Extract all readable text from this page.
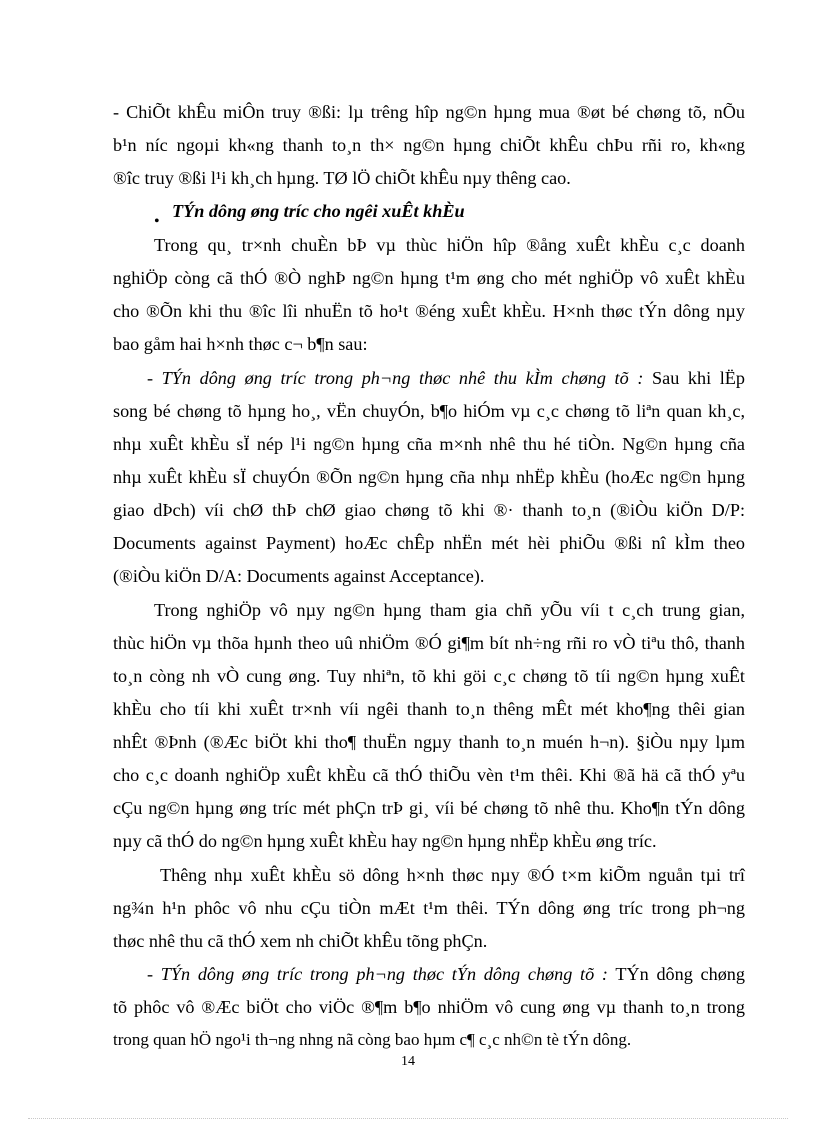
- ChiÕt khÊu miÔn truy ®ßi: lµ trêng hîp ng©n hµng mua ®øt bé chøng tõ, nÕu
b¹n níc ngoµi kh«ng thanh to¸n th× ng©n hµng chiÕt khÊu chÞu rñi ro, kh«ng
®îc truy ®ßi l¹i kh¸ch hµng. TØ lÖ chiÕt khÊu nµy thêng cao.
•
TÝn dông øng tríc cho ngêi xuÊt khÈu
Trong qu¸ tr×nh chuÈn bÞ vµ thùc hiÖn hîp ®ång xuÊt khÈu c¸c doanh
nghiÖp còng cã thÓ ®Ò nghÞ ng©n hµng t¹m øng cho mét nghiÖp vô xuÊt khÈu
cho ®Õn khi thu ®îc lîi nhuËn tõ ho¹t ®éng xuÊt khÈu. H×nh thøc tÝn dông nµy
bao gåm hai h×nh thøc c¬ b¶n sau:
- TÝn dông øng tríc trong ph¬ng thøc nhê thu kÌm chøng tõ : Sau khi lËp
song bé chøng tõ hµng ho¸, vËn chuyÓn, b¶o hiÓm vµ c¸c chøng tõ liªn quan kh¸c,
nhµ xuÊt khÈu sÏ nép l¹i ng©n hµng cña m×nh nhê thu hé tiÒn. Ng©n hµng cña
nhµ xuÊt khÈu sÏ chuyÓn ®Õn ng©n hµng cña nhµ nhËp khÈu (hoÆc ng©n hµng
giao dÞch) víi chØ thÞ chØ giao chøng tõ khi ®· thanh to¸n (®iÒu kiÖn D/P:
Documents against Payment) hoÆc chÊp nhËn mét hèi phiÕu ®ßi nî kÌm theo
(®iÒu kiÖn D/A: Documents against Acceptance).
Trong nghiÖp vô nµy ng©n hµng tham gia chñ yÕu víi t c¸ch trung gian,
thùc hiÖn vµ thõa hµnh theo uû nhiÖm ®Ó gi¶m bít nh÷ng rñi ro vÒ tiªu thô, thanh
to¸n còng nh vÒ cung øng. Tuy nhiªn, tõ khi göi c¸c chøng tõ tíi ng©n hµng xuÊt
khÈu cho tíi khi xuÊt tr×nh víi ngêi thanh to¸n thêng mÊt mét kho¶ng thêi gian
nhÊt ®Þnh (®Æc biÖt khi tho¶ thuËn ngµy thanh to¸n muén h¬n). §iÒu nµy lµm
cho c¸c doanh nghiÖp xuÊt khÈu cã thÓ thiÕu vèn t¹m thêi. Khi ®ã hä cã thÓ yªu
cÇu ng©n hµng øng tríc mét phÇn trÞ gi¸ víi bé chøng tõ nhê thu. Kho¶n tÝn dông
nµy cã thÓ do ng©n hµng xuÊt khÈu hay ng©n hµng nhËp khÈu øng tríc.
Thêng nhµ xuÊt khÈu sö dông h×nh thøc nµy ®Ó t×m kiÕm nguån tµi trî
ng¾n h¹n phôc vô nhu cÇu tiÒn mÆt t¹m thêi. TÝn dông øng tríc trong ph¬ng
thøc nhê thu cã thÓ xem nh chiÕt khÊu tõng phÇn.
- TÝn dông øng tríc trong ph¬ng thøc tÝn dông chøng tõ : TÝn dông chøng
tõ phôc vô ®Æc biÖt cho viÖc ®¶m b¶o nhiÖm vô cung øng vµ thanh to¸n trong
trong quan hÖ ngo¹i th¬ng nhng nã còng bao hµm c¶ c¸c nh©n tè tÝn dông.
14
